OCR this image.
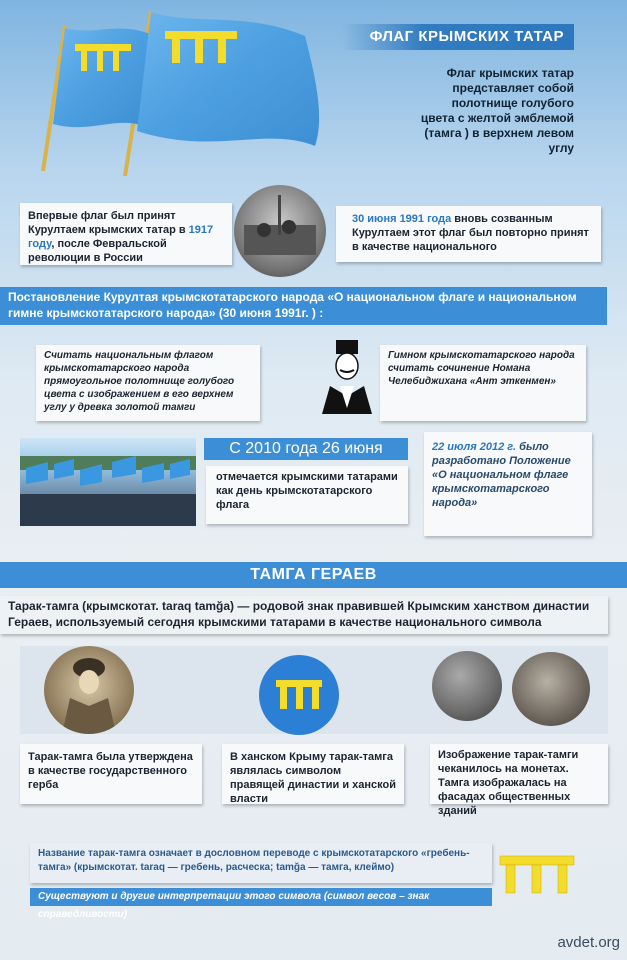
ФЛАГ КРЫМСКИХ ТАТАР
Флаг крымских татар представляет собой полотнище голубого цвета с желтой эмблемой (тамга ) в верхнем левом углу
Впервые флаг был принят Курултаем крымских татар в 1917 году, после Февральской революции в России
30 июня 1991 года вновь созванным Курултаем этот флаг был повторно принят в качестве национального
Постановление Курултая крымскотатарского народа «О национальном флаге и национальном гимне крымскотатарского народа» (30 июня 1991г. ) :
Считать национальным флагом крымскотатарского народа прямоугольное полотнище голубого цвета с изображением в его верхнем углу у древка золотой тамги
Гимном крымскотатарского народа считать сочинение Номана Челебиджихана «Ант эткенмен»
С 2010 года 26 июня
отмечается крымскими татарами как день крымскотатарского флага
22 июля 2012 г. было разработано Положение «О национальном флаге крымскотатарского народа»
ТАМГА ГЕРАЕВ
Тарак-тамга (крымскотат. taraq tamğa) — родовой знак правившей Крымским ханством династии Гераев, используемый сегодня крымскими татарами в качестве национального символа
Тарак-тамга была утверждена в качестве государственного герба
В ханском Крыму тарак-тамга являлась символом правящей династии и ханской власти
Изображение тарак-тамги чеканилось на монетах. Тамга изображалась на фасадах общественных зданий
Название тарак-тамга означает в дословном переводе с крымскотатарского «гребень-тамга» (крымскотат. taraq — гребень, расческа; tamğa — тамга, клеймо)
Существуют и другие интерпретации этого символа (символ весов – знак справедливости)
avdet.org
